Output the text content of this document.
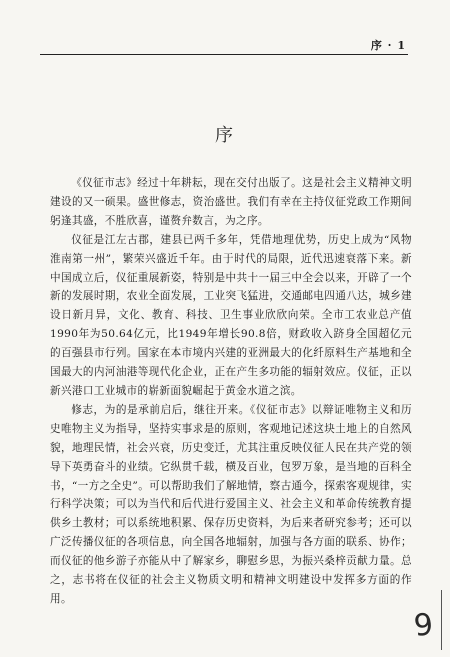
序 · 1
序

《仪征市志》经过十年耕耘，现在交付出版了。这是社会主义精神文明建设的又一硕果。盛世修志，资治盛世。我们有幸在主持仪征党政工作期间躬逢其盛，不胜欣喜，谨赘弁数言，为之序。

仪征是江左古郡，建县已两千多年，凭借地理优势，历史上成为“风物淮南第一州”，繁荣兴盛近千年。由于时代的局限，近代迅速衰落下来。新中国成立后，仪征重展新姿，特别是中共十一届三中全会以来，开辟了一个新的发展时期，农业全面发展，工业突飞猛进，交通邮电四通八达，城乡建设日新月异，文化、教育、科技、卫生事业欣欣向荣。全市工农业总产值1990年为50.64亿元，比1949年增长90.8倍，财政收入跻身全国超亿元的百强县市行列。国家在本市境内兴建的亚洲最大的化纤原料生产基地和全国最大的内河油港等现代化企业，正在产生多功能的辐射效应。仪征，正以新兴港口工业城市的崭新面貌崛起于黄金水道之滨。

修志，为的是承前启后，继往开来。《仪征市志》以辩证唯物主义和历史唯物主义为指导，坚持实事求是的原则，客观地记述这块土地上的自然风貌，地理民情，社会兴衰，历史变迁，尤其注重反映仪征人民在共产党的领导下英勇奋斗的业绩。它纵贯千载，横及百业，包罗万象，是当地的百科全书，“一方之全史”。可以帮助我们了解地情，察古通今，探索客观规律，实行科学决策；可以为当代和后代进行爱国主义、社会主义和革命传统教育提供乡土教材；可以系统地积累、保存历史资料，为后来者研究参考；还可以广泛传播仪征的各项信息，向全国各地辐射，加强与各方面的联系、协作；而仪征的他乡游子亦能从中了解家乡，聊慰乡思，为振兴桑梓贡献力量。总之，志书将在仪征的社会主义物质文明和精神文明建设中发挥多方面的作用。

9
